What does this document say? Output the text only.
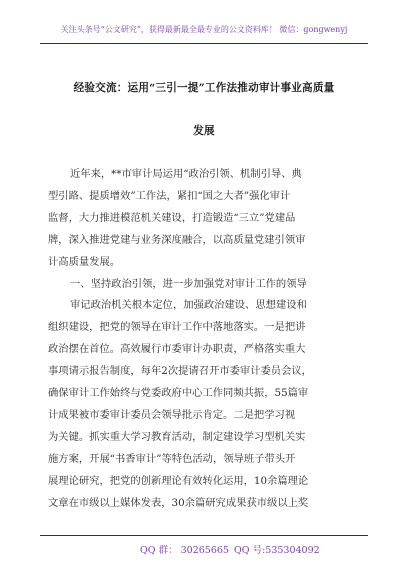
关注头条号“公文研究”，获得最新最全最专业的公文资料库！ 微信：gongwenyj
经验交流：运用“三引一提”工作法推动审计事业高质量
发展
近年来，**市审计局运用“政治引领、机制引导、典
型引路、提质增效”工作法，紧扣“国之大者”强化审计
监督，大力推进模范机关建设，打造锻造“三立”党建品
牌，深入推进党建与业务深度融合，以高质量党建引领审
计高质量发展。
一、坚持政治引领，进一步加强党对审计工作的领导
审记政治机关根本定位，加强政治建设、思想建设和
组织建设，把党的领导在审计工作中落地落实。一是把讲
政治摆在首位。高效履行市委审计办职责，严格落实重大
事项请示报告制度，每年2次提请召开市委审计委员会议，
确保审计工作始终与党委政府中心工作同频共振，55篇审
计成果被市委审计委员会领导批示肯定。二是把学习视
为关键。抓实重大学习教育活动，制定建设学习型机关实
施方案，开展“书香审计”等特色活动，领导班子带头开
展理论研究，把党的创新理论有效转化运用，10余篇理论
文章在市级以上媒体发表，30余篇研究成果获市级以上奖
QQ 群： 30265665 QQ 号:535304092
